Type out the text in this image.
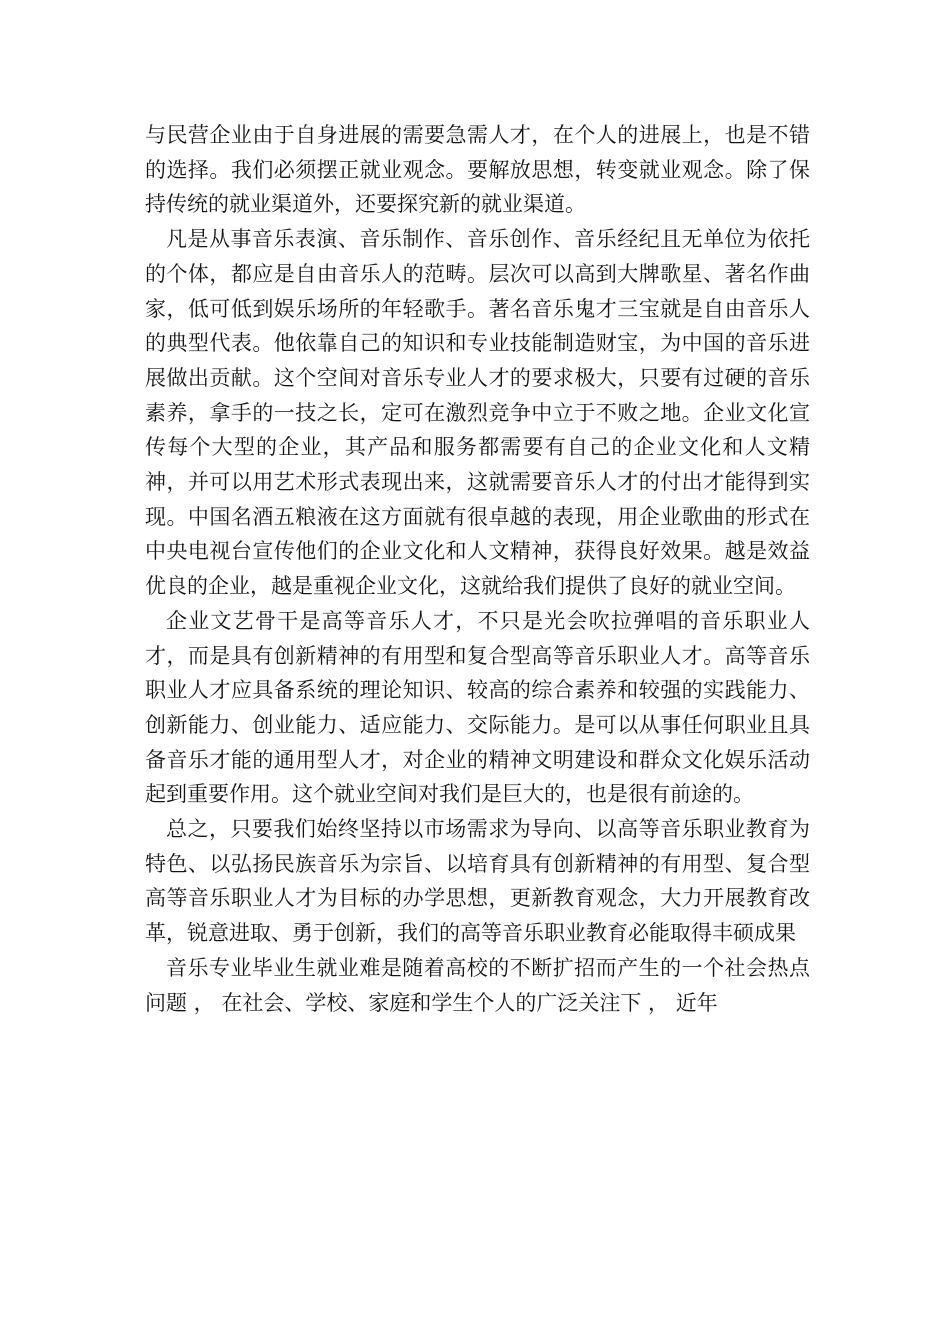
与民营企业由于自身进展的需要急需人才，在个人的进展上，也是不错的选择。我们必须摆正就业观念。要解放思想，转变就业观念。除了保持传统的就业渠道外，还要探究新的就业渠道。

凡是从事音乐表演、音乐制作、音乐创作、音乐经纪且无单位为依托的个体，都应是自由音乐人的范畴。层次可以高到大牌歌星、著名作曲家，低可低到娱乐场所的年轻歌手。著名音乐鬼才三宝就是自由音乐人的典型代表。他依靠自己的知识和专业技能制造财宝，为中国的音乐进展做出贡献。这个空间对音乐专业人才的要求极大，只要有过硬的音乐素养，拿手的一技之长，定可在激烈竞争中立于不败之地。企业文化宣传每个大型的企业，其产品和服务都需要有自己的企业文化和人文精神，并可以用艺术形式表现出来，这就需要音乐人才的付出才能得到实现。中国名酒五粮液在这方面就有很卓越的表现，用企业歌曲的形式在中央电视台宣传他们的企业文化和人文精神，获得良好效果。越是效益优良的企业，越是重视企业文化，这就给我们提供了良好的就业空间。

企业文艺骨干是高等音乐人才，不只是光会吹拉弹唱的音乐职业人才，而是具有创新精神的有用型和复合型高等音乐职业人才。高等音乐职业人才应具备系统的理论知识、较高的综合素养和较强的实践能力、创新能力、创业能力、适应能力、交际能力。是可以从事任何职业且具备音乐才能的通用型人才，对企业的精神文明建设和群众文化娱乐活动起到重要作用。这个就业空间对我们是巨大的，也是很有前途的。

总之，只要我们始终坚持以市场需求为导向、以高等音乐职业教育为特色、以弘扬民族音乐为宗旨、以培育具有创新精神的有用型、复合型高等音乐职业人才为目标的办学思想，更新教育观念，大力开展教育改革，锐意进取、勇于创新，我们的高等音乐职业教育必能取得丰硕成果

音乐专业毕业生就业难是随着高校的不断扩招而产生的一个社会热点问题 ， 在社会、学校、家庭和学生个人的广泛关注下 ， 近年
